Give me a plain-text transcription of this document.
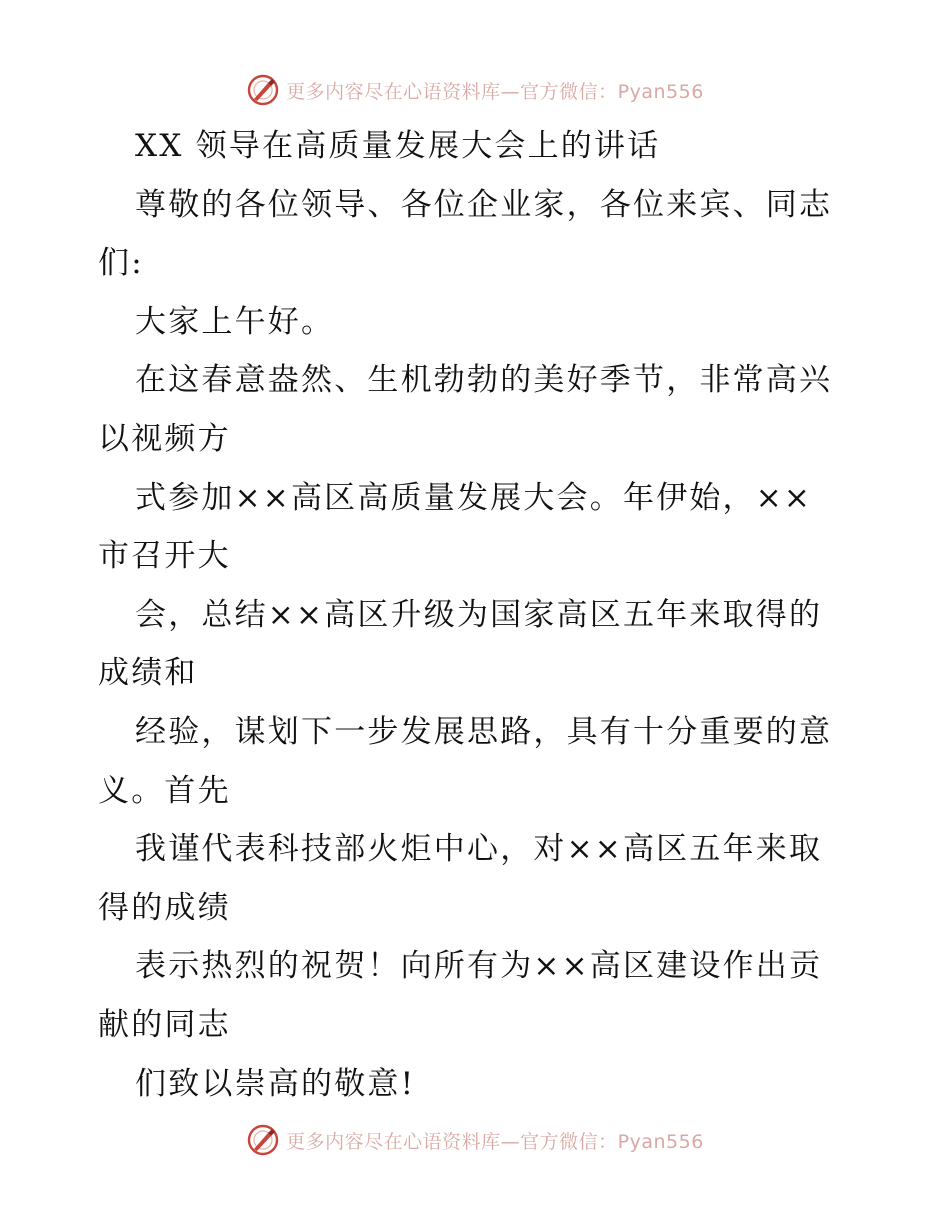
更多内容尽在心语资料库—官方微信：Pyan556
XX 领导在高质量发展大会上的讲话
尊敬的各位领导、各位企业家，各位来宾、同志
们:
大家上午好。
在这春意盎然、生机勃勃的美好季节，非常高兴
以视频方
式参加××高区高质量发展大会。年伊始，××
市召开大
会，总结××高区升级为国家高区五年来取得的
成绩和
经验，谋划下一步发展思路，具有十分重要的意
义。首先
我谨代表科技部火炬中心，对××高区五年来取
得的成绩
表示热烈的祝贺！向所有为××高区建设作出贡
献的同志
们致以崇高的敬意!
更多内容尽在心语资料库—官方微信：Pyan556
